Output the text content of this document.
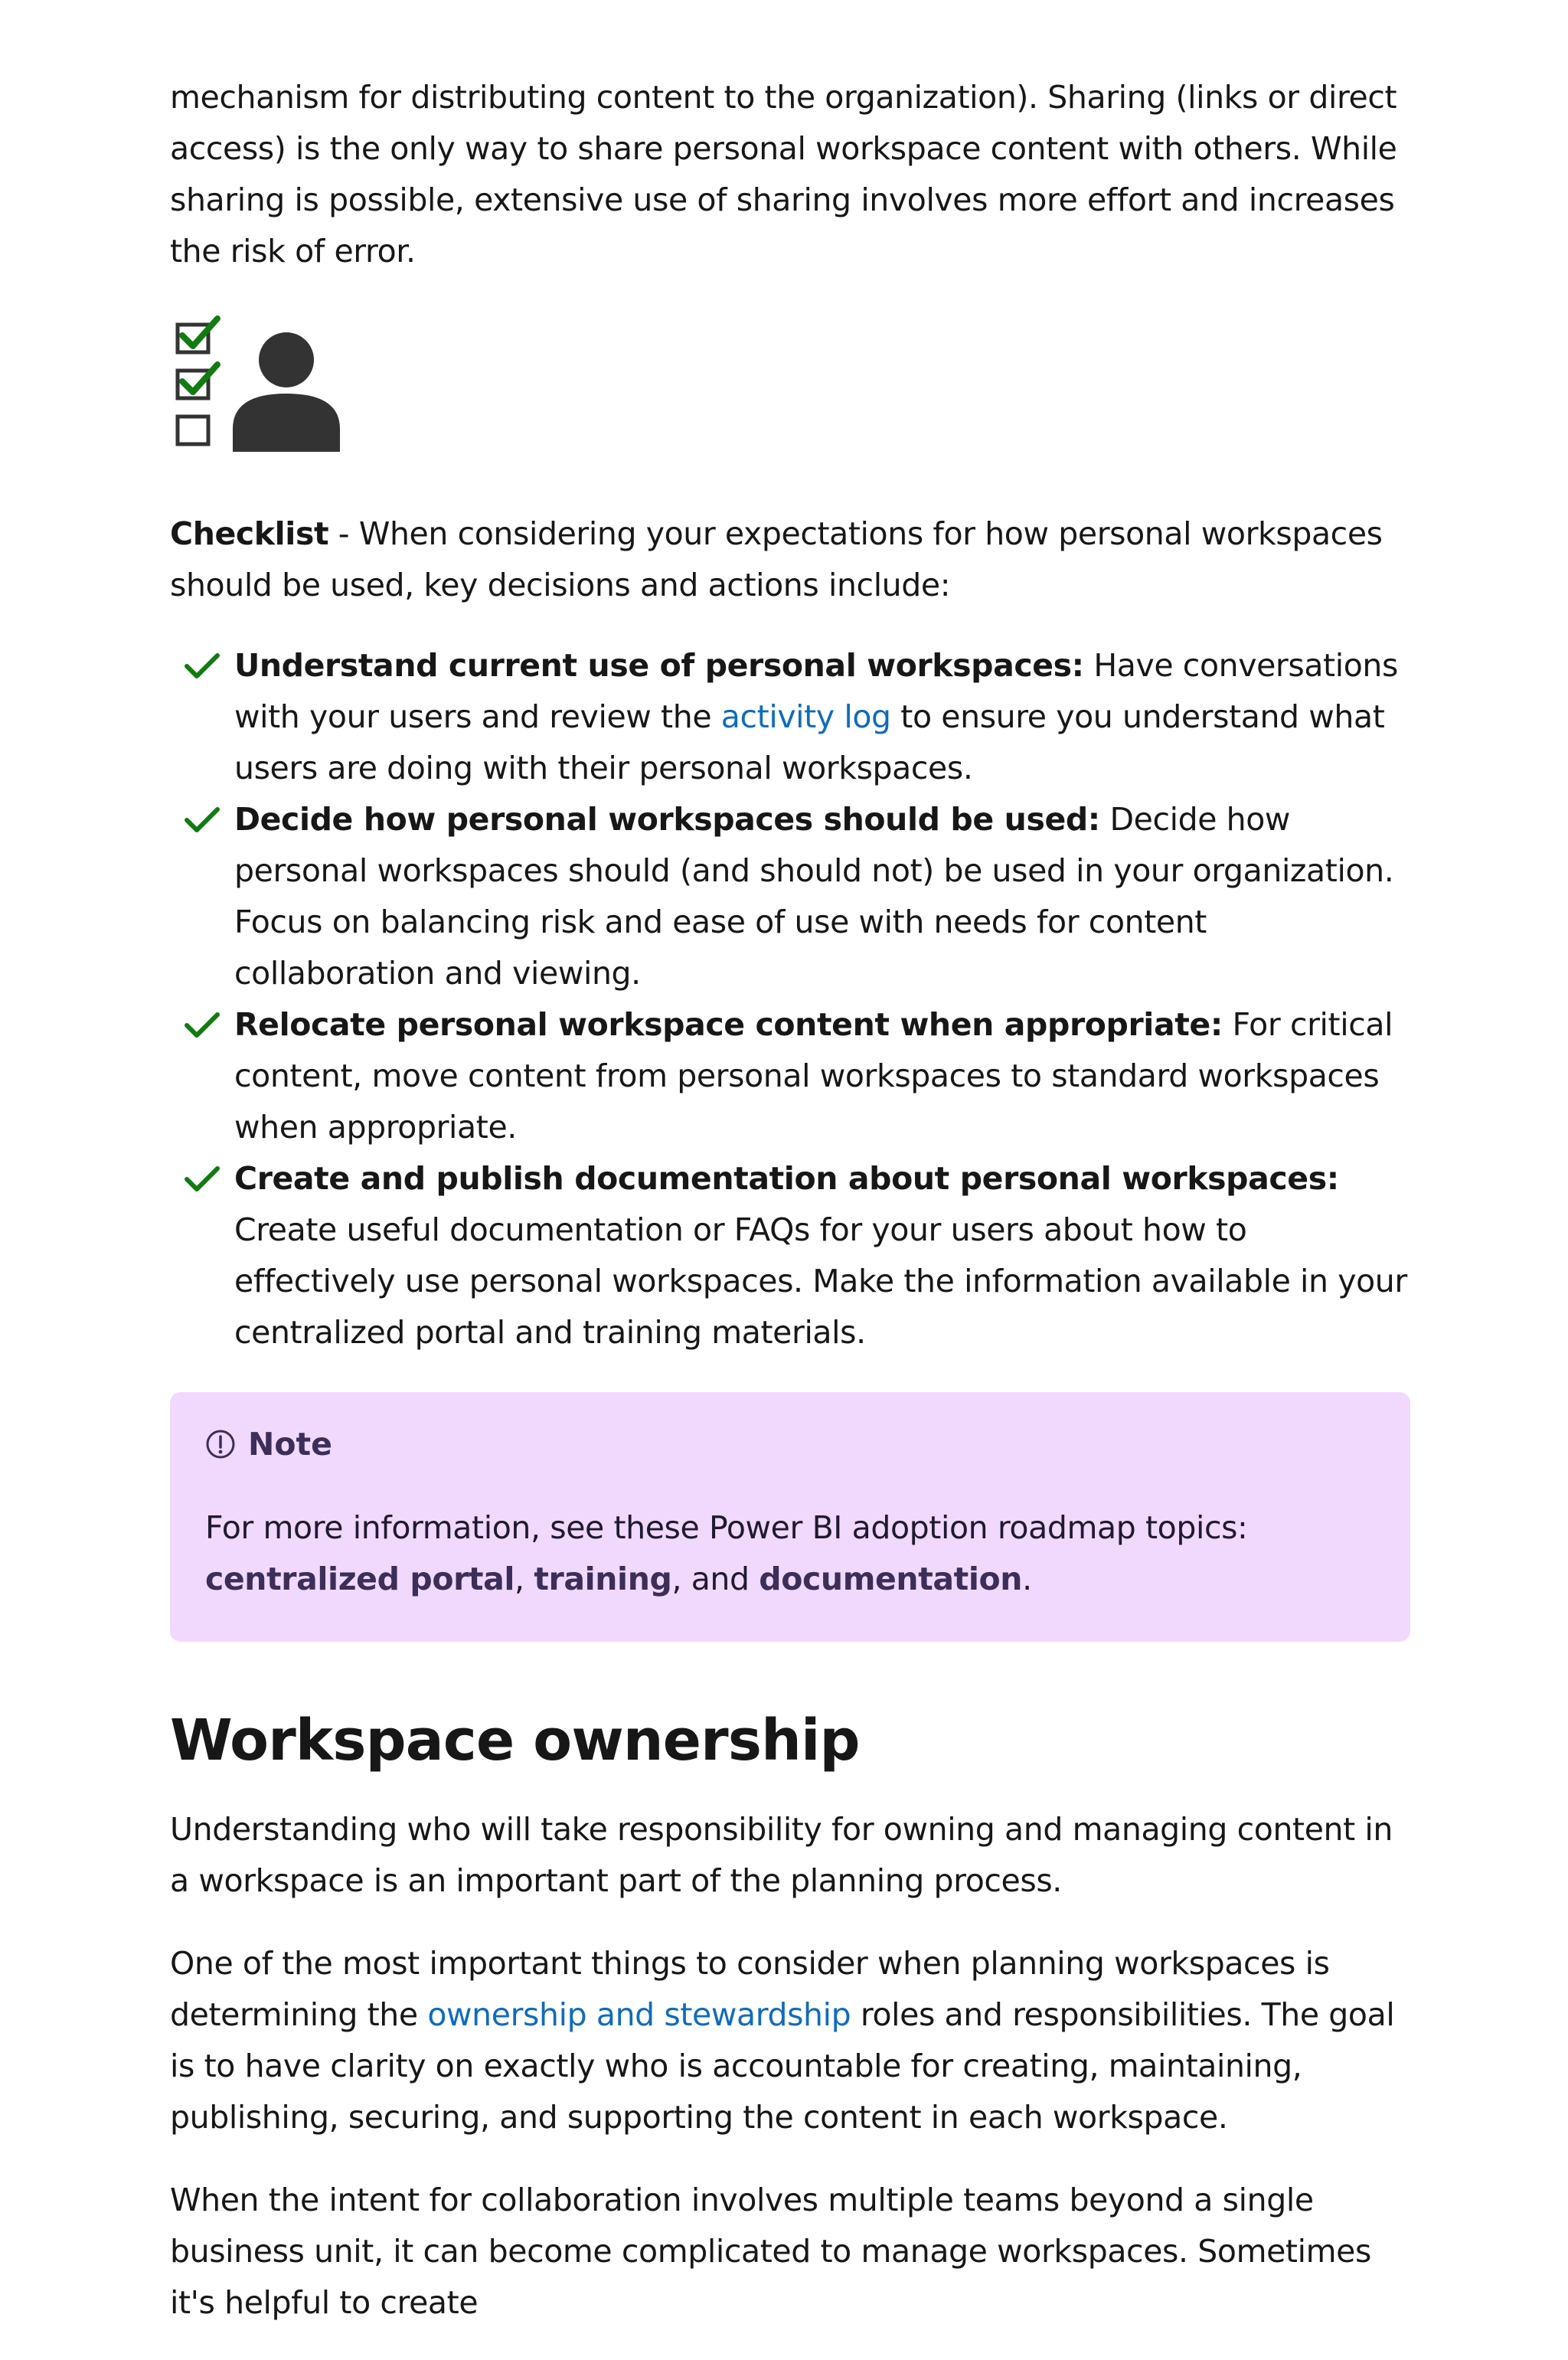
mechanism for distributing content to the organization). Sharing (links or direct access) is the only way to share personal workspace content with others. While sharing is possible, extensive use of sharing involves more effort and increases the risk of error.

Checklist - When considering your expectations for how personal workspaces should be used, key decisions and actions include:

Understand current use of personal workspaces: Have conversations with your users and review the activity log to ensure you understand what users are doing with their personal workspaces.
Decide how personal workspaces should be used: Decide how personal workspaces should (and should not) be used in your organization. Focus on balancing risk and ease of use with needs for content collaboration and viewing.
Relocate personal workspace content when appropriate: For critical content, move content from personal workspaces to standard workspaces when appropriate.
Create and publish documentation about personal workspaces: Create useful documentation or FAQs for your users about how to effectively use personal workspaces. Make the information available in your centralized portal and training materials.
Note

For more information, see these Power BI adoption roadmap topics: centralized portal, training, and documentation.

Workspace ownership

Understanding who will take responsibility for owning and managing content in a workspace is an important part of the planning process.

One of the most important things to consider when planning workspaces is determining the ownership and stewardship roles and responsibilities. The goal is to have clarity on exactly who is accountable for creating, maintaining, publishing, securing, and supporting the content in each workspace.

When the intent for collaboration involves multiple teams beyond a single business unit, it can become complicated to manage workspaces. Sometimes it's helpful to create
